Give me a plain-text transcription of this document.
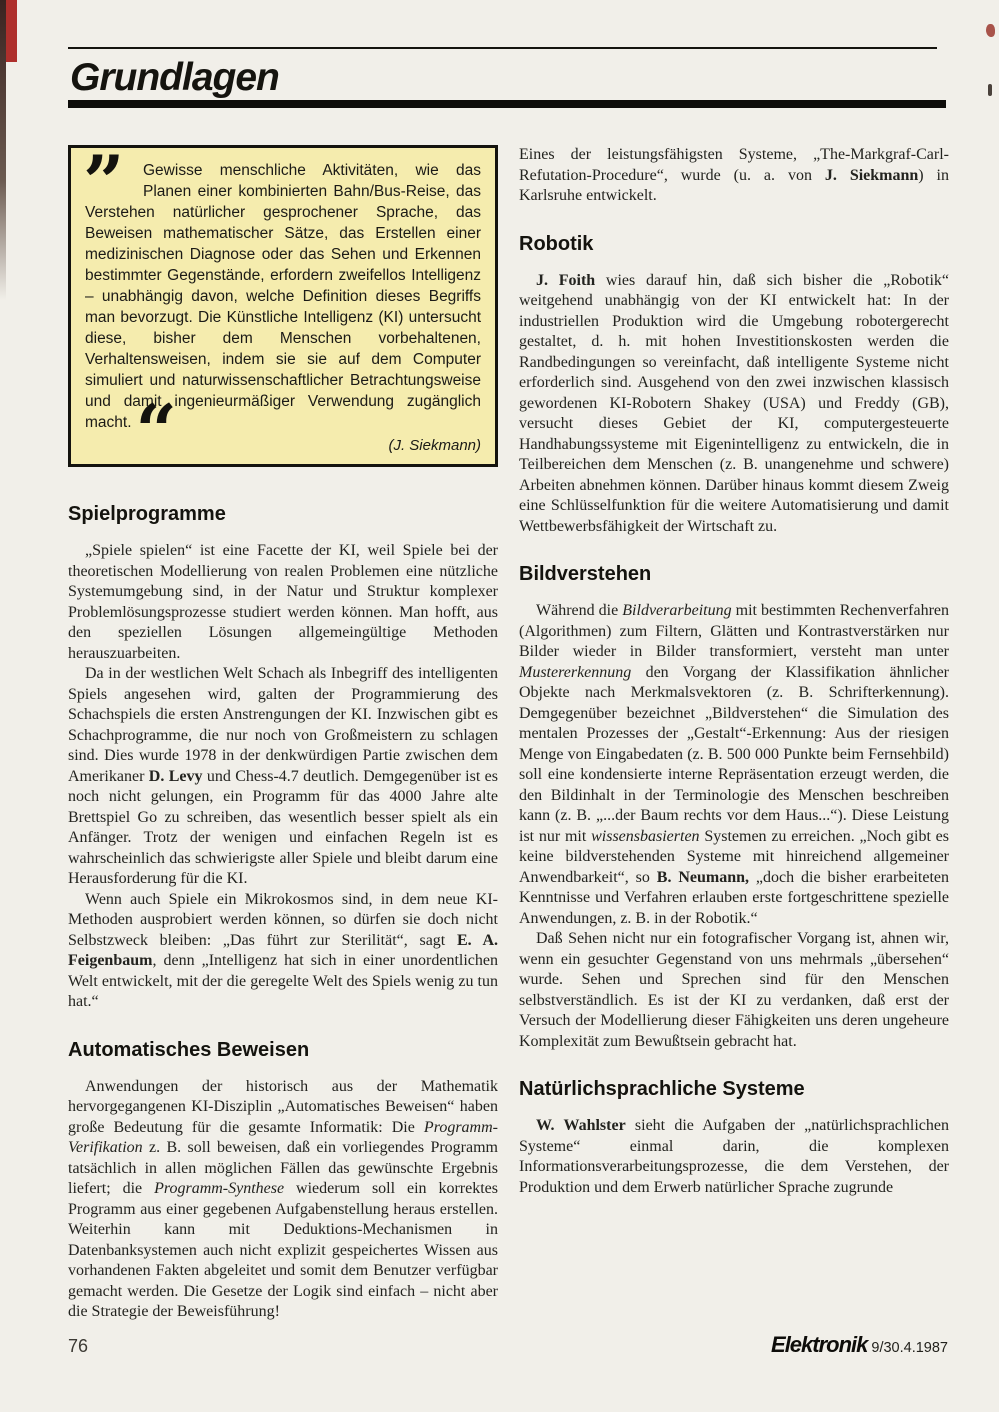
Grundlagen
” Gewisse menschliche Aktivitäten, wie das Planen einer kombinierten Bahn/Bus-Reise, das Verstehen natürlicher gesprochener Sprache, das Beweisen mathematischer Sätze, das Erstellen einer medizinischen Diagnose oder das Sehen und Erkennen bestimmter Gegenstände, erfordern zweifellos Intelligenz – unabhängig davon, welche Definition dieses Begriffs man bevorzugt. Die Künstliche Intelligenz (KI) untersucht diese, bisher dem Menschen vorbehaltenen, Verhaltensweisen, indem sie sie auf dem Computer simuliert und naturwissenschaftlicher Betrachtungsweise und damit ingenieurmäßiger Verwendung zugänglich macht. “	(J. Siekmann)
Spielprogramme

„Spiele spielen“ ist eine Facette der KI, weil Spiele bei der theoretischen Modellierung von realen Problemen eine nützliche Systemumgebung sind, in der Natur und Struktur komplexer Problemlösungsprozesse studiert werden können. Man hofft, aus den speziellen Lösungen allgemeingültige Methoden herauszuarbeiten.

Da in der westlichen Welt Schach als Inbegriff des intelligenten Spiels angesehen wird, galten der Programmierung des Schachspiels die ersten Anstrengungen der KI. Inzwischen gibt es Schachprogramme, die nur noch von Großmeistern zu schlagen sind. Dies wurde 1978 in der denkwürdigen Partie zwischen dem Amerikaner D. Levy und Chess-4.7 deutlich. Demgegenüber ist es noch nicht gelungen, ein Programm für das 4000 Jahre alte Brettspiel Go zu schreiben, das wesentlich besser spielt als ein Anfänger. Trotz der wenigen und einfachen Regeln ist es wahrscheinlich das schwierigste aller Spiele und bleibt darum eine Herausforderung für die KI.

Wenn auch Spiele ein Mikrokosmos sind, in dem neue KI-Methoden ausprobiert werden können, so dürfen sie doch nicht Selbstzweck bleiben: „Das führt zur Sterilität“, sagt E. A. Feigenbaum, denn „Intelligenz hat sich in einer unordentlichen Welt entwickelt, mit der die geregelte Welt des Spiels wenig zu tun hat.“

Automatisches Beweisen

Anwendungen der historisch aus der Mathematik hervorgegangenen KI-Disziplin „Automatisches Beweisen“ haben große Bedeutung für die gesamte Informatik: Die Programm-Verifikation z. B. soll beweisen, daß ein vorliegendes Programm tatsächlich in allen möglichen Fällen das gewünschte Ergebnis liefert; die Programm-Synthese wiederum soll ein korrektes Programm aus einer gegebenen Aufgabenstellung heraus erstellen. Weiterhin kann mit Deduktions-Mechanismen in Datenbanksystemen auch nicht explizit gespeichertes Wissen aus vorhandenen Fakten abgeleitet und somit dem Benutzer verfügbar gemacht werden. Die Gesetze der Logik sind einfach – nicht aber die Strategie der Beweisführung!

Eines der leistungsfähigsten Systeme, „The-Markgraf-Carl-Refutation-Procedure“, wurde (u. a. von J. Siekmann) in Karlsruhe entwickelt.

Robotik

J. Foith wies darauf hin, daß sich bisher die „Robotik“ weitgehend unabhängig von der KI entwickelt hat: In der industriellen Produktion wird die Umgebung robotergerecht gestaltet, d. h. mit hohen Investitionskosten werden die Randbedingungen so vereinfacht, daß intelligente Systeme nicht erforderlich sind. Ausgehend von den zwei inzwischen klassisch gewordenen KI-Robotern Shakey (USA) und Freddy (GB), versucht dieses Gebiet der KI, computergesteuerte Handhabungssysteme mit Eigenintelligenz zu entwickeln, die in Teilbereichen dem Menschen (z. B. unangenehme und schwere) Arbeiten abnehmen können. Darüber hinaus kommt diesem Zweig eine Schlüsselfunktion für die weitere Automatisierung und damit Wettbewerbsfähigkeit der Wirtschaft zu.

Bildverstehen

Während die Bildverarbeitung mit bestimmten Rechenverfahren (Algorithmen) zum Filtern, Glätten und Kontrastverstärken nur Bilder wieder in Bilder transformiert, versteht man unter Mustererkennung den Vorgang der Klassifikation ähnlicher Objekte nach Merkmalsvektoren (z. B. Schrifterkennung). Demgegenüber bezeichnet „Bildverstehen“ die Simulation des mentalen Prozesses der „Gestalt“-Erkennung: Aus der riesigen Menge von Eingabedaten (z. B. 500 000 Punkte beim Fernsehbild) soll eine kondensierte interne Repräsentation erzeugt werden, die den Bildinhalt in der Terminologie des Menschen beschreiben kann (z. B. „...der Baum rechts vor dem Haus...“). Diese Leistung ist nur mit wissensbasierten Systemen zu erreichen. „Noch gibt es keine bildverstehenden Systeme mit hinreichend allgemeiner Anwendbarkeit“, so B. Neumann, „doch die bisher erarbeiteten Kenntnisse und Verfahren erlauben erste fortgeschrittene spezielle Anwendungen, z. B. in der Robotik.“

Daß Sehen nicht nur ein fotografischer Vorgang ist, ahnen wir, wenn ein gesuchter Gegenstand von uns mehrmals „übersehen“ wurde. Sehen und Sprechen sind für den Menschen selbstverständlich. Es ist der KI zu verdanken, daß erst der Versuch der Modellierung dieser Fähigkeiten uns deren ungeheure Komplexität zum Bewußtsein gebracht hat.

Natürlichsprachliche Systeme

W. Wahlster sieht die Aufgaben der „natürlichsprachlichen Systeme“ einmal darin, die komplexen Informationsverarbeitungsprozesse, die dem Verstehen, der Produktion und dem Erwerb natürlicher Sprache zugrunde

76	Elektronik 9/30.4.1987
